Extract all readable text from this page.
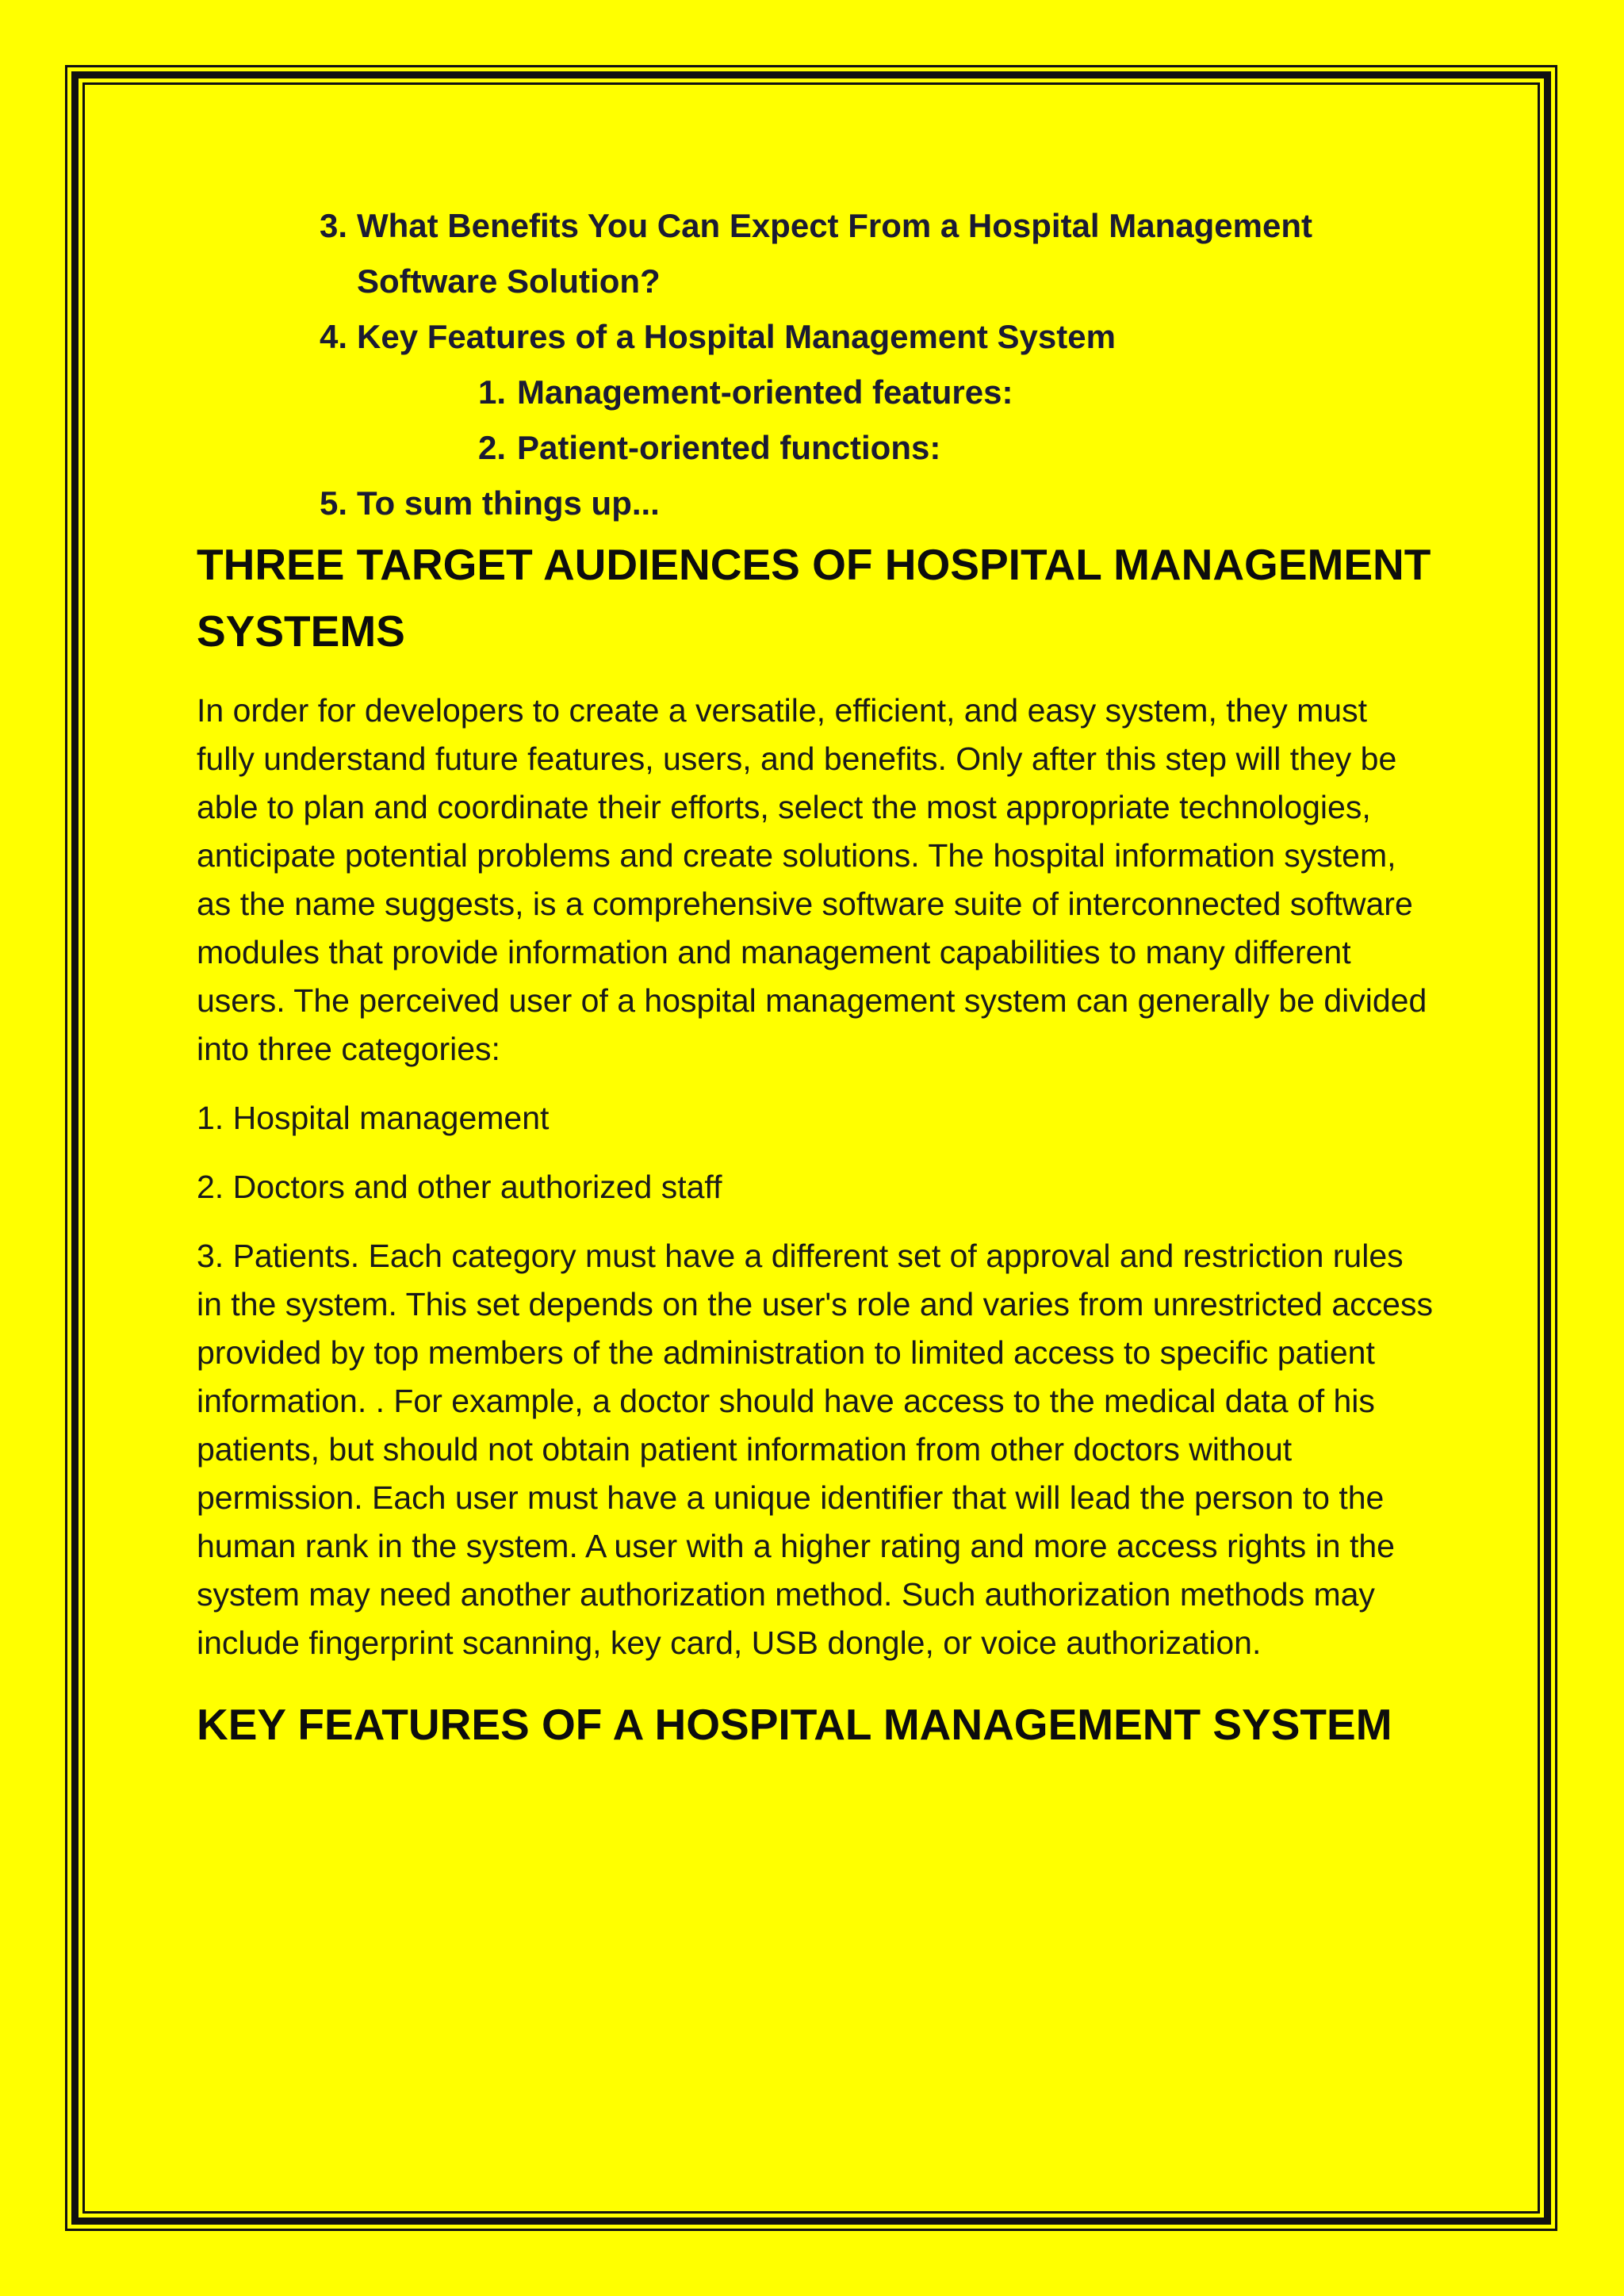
3. What Benefits You Can Expect From a Hospital Management Software Solution?
4. Key Features of a Hospital Management System
1. Management-oriented features:
2. Patient-oriented functions:
5. To sum things up...
THREE TARGET AUDIENCES OF HOSPITAL MANAGEMENT SYSTEMS

In order for developers to create a versatile, efficient, and easy system, they must fully understand future features, users, and benefits. Only after this step will they be able to plan and coordinate their efforts, select the most appropriate technologies, anticipate potential problems and create solutions. The hospital information system, as the name suggests, is a comprehensive software suite of interconnected software modules that provide information and management capabilities to many different users. The perceived user of a hospital management system can generally be divided into three categories:

1. Hospital management

2. Doctors and other authorized staff

3. Patients. Each category must have a different set of approval and restriction rules in the system. This set depends on the user's role and varies from unrestricted access provided by top members of the administration to limited access to specific patient information. . For example, a doctor should have access to the medical data of his patients, but should not obtain patient information from other doctors without permission. Each user must have a unique identifier that will lead the person to the human rank in the system. A user with a higher rating and more access rights in the system may need another authorization method. Such authorization methods may include fingerprint scanning, key card, USB dongle, or voice authorization.

KEY FEATURES OF A HOSPITAL MANAGEMENT SYSTEM
